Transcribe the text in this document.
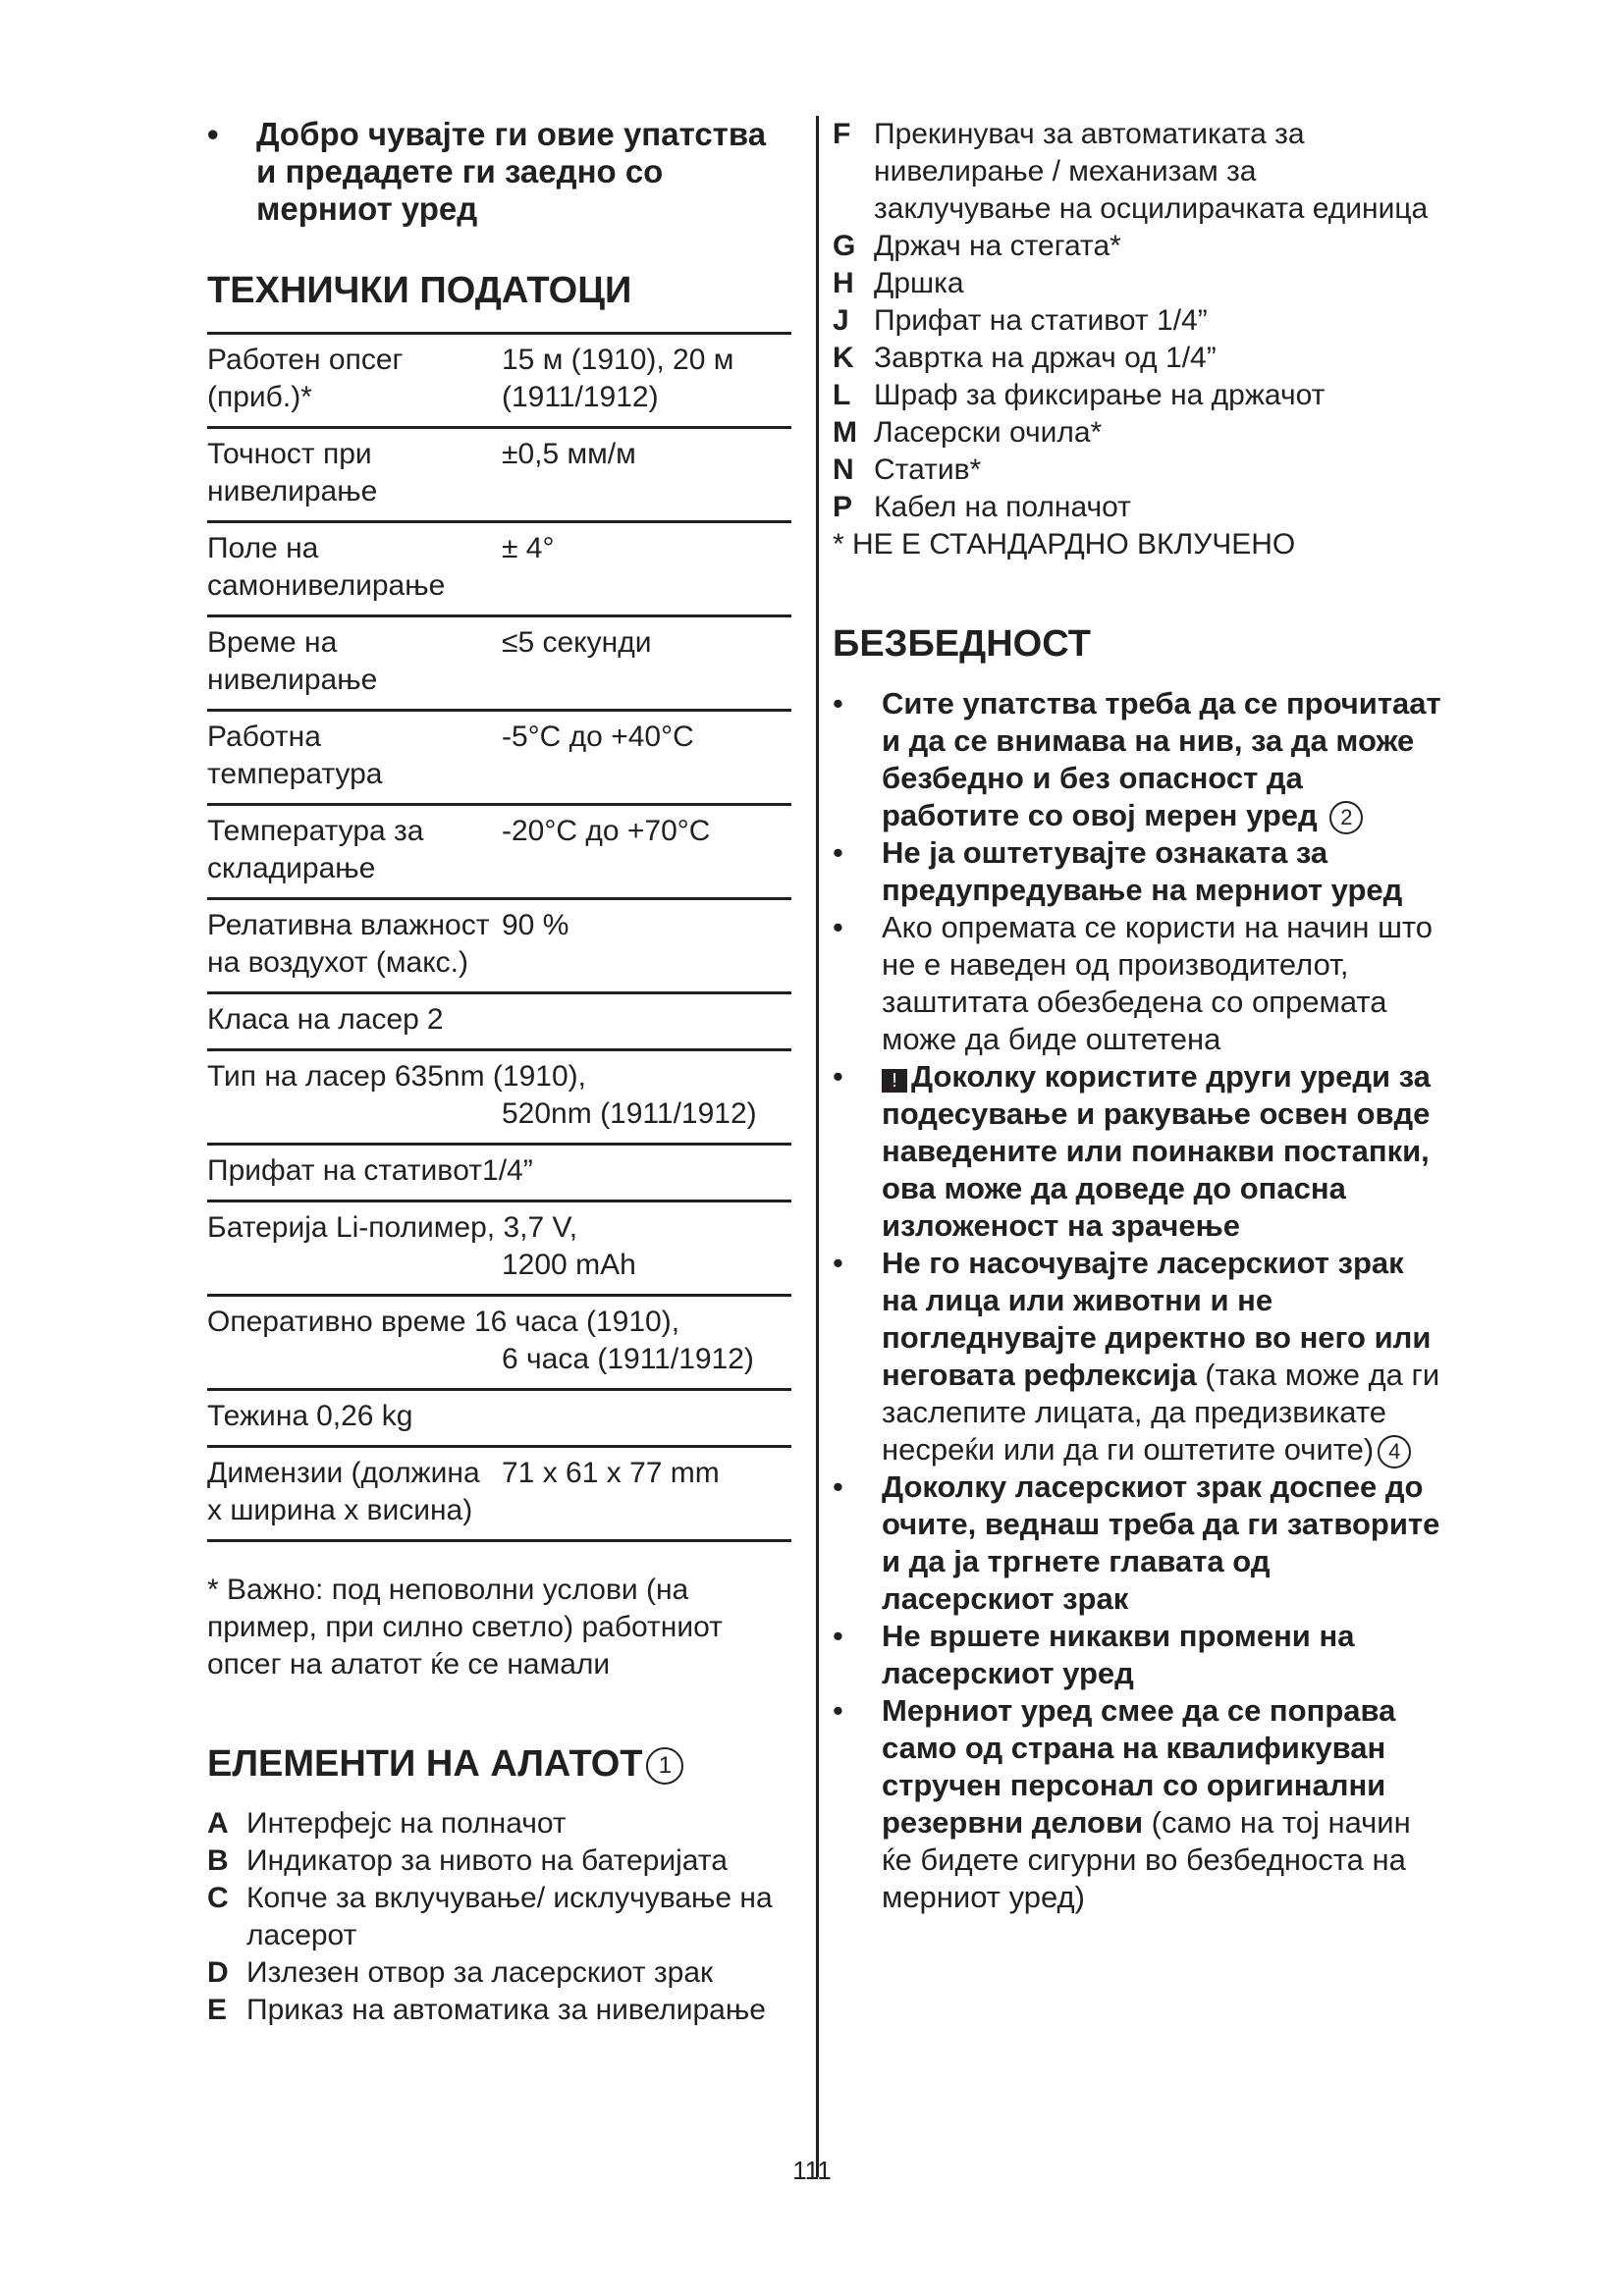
• Добро чувајте ги овие упатства и предадете ги заедно со мерниот уред
ТЕХНИЧКИ ПОДАТОЦИ
Работен опсег (приб.)*
15 м (1910), 20 м (1911/1912)
Точност при нивелирање
±0,5 мм/м
Поле на самонивелирање
± 4°
Време на нивелирање
≤5 секунди
Работна температура
-5°C до +40°C
Температура за складирање
-20°C до +70°C
Релативна влажност на воздухот (макс.)
90 %
Класа на ласер 2
Тип на ласер 635nm (1910),
520nm (1911/1912)
Прифат на статив от1/4”
Батерија Li-полимер, 3,7 V,
1200 mAh
Оперативно време 16 часа (1910),
6 часа (1911/1912)
Тежина 0,26 kg
Димензии (должина x ширина x висина)
71 x 61 x 77 mm
* Важно: под неповолни услови (на пример, при силно светло) работниот опсег на алатот ќе се намали
ЕЛЕМЕНТИ НА АЛАТОТ 1
A Интерфејс на полначот
B Индикатор за нивото на батеријата
C Копче за вклучување/ исклучување на ласерот
D Излезен отвор за ласерскиот зрак
E Приказ на автоматика за нивелирање
F Прекинувач за автоматиката за нивелирање / механизам за заклучување на осцилирачката единица
G Држач на стегата*
H Дршка
J Прифат на стативот 1/4”
K Завртка на држач од 1/4”
L Шраф за фиксирање на држачот
M Ласерски очила*
N Статив*
P Кабел на полначот
* НЕ Е СТАНДАРДНО ВКЛУЧЕНО
БЕЗБЕДНОСТ
• Сите упатства треба да се прочитаат и да се внимава на нив, за да може безбедно и без опасност да работите со овој мерен уред 2
• Не ја оштетувајте ознаката за предупредување на мерниот уред
• Ако опремата се користи на начин што не е наведен од производителот, заштитата обезбедена со опремата може да биде оштетена
• ! Доколку користите други уреди за подесување и ракување освен овде наведените или поинакви постапки, ова може да доведе до опасна изложеност на зрачење
• Не го насочувајте ласерскиот зрак на лица или животни и не погледнувајте директно во него или неговата рефлексија (така може да ги заслепите лицата, да предизвикате несреќи или да ги оштетите очите) 4
• Доколку ласерскиот зрак доспее до очите, веднаш треба да ги затворите и да ја тргнете главата од ласерскиот зрак
• Не вршете никакви промени на ласерскиот уред
• Мерниот уред смее да се поправа само од страна на квалификуван стручен персонал со оригинални резервни делови (само на тој начин ќе бидете сигурни во безбедноста на мерниот уред)
111
